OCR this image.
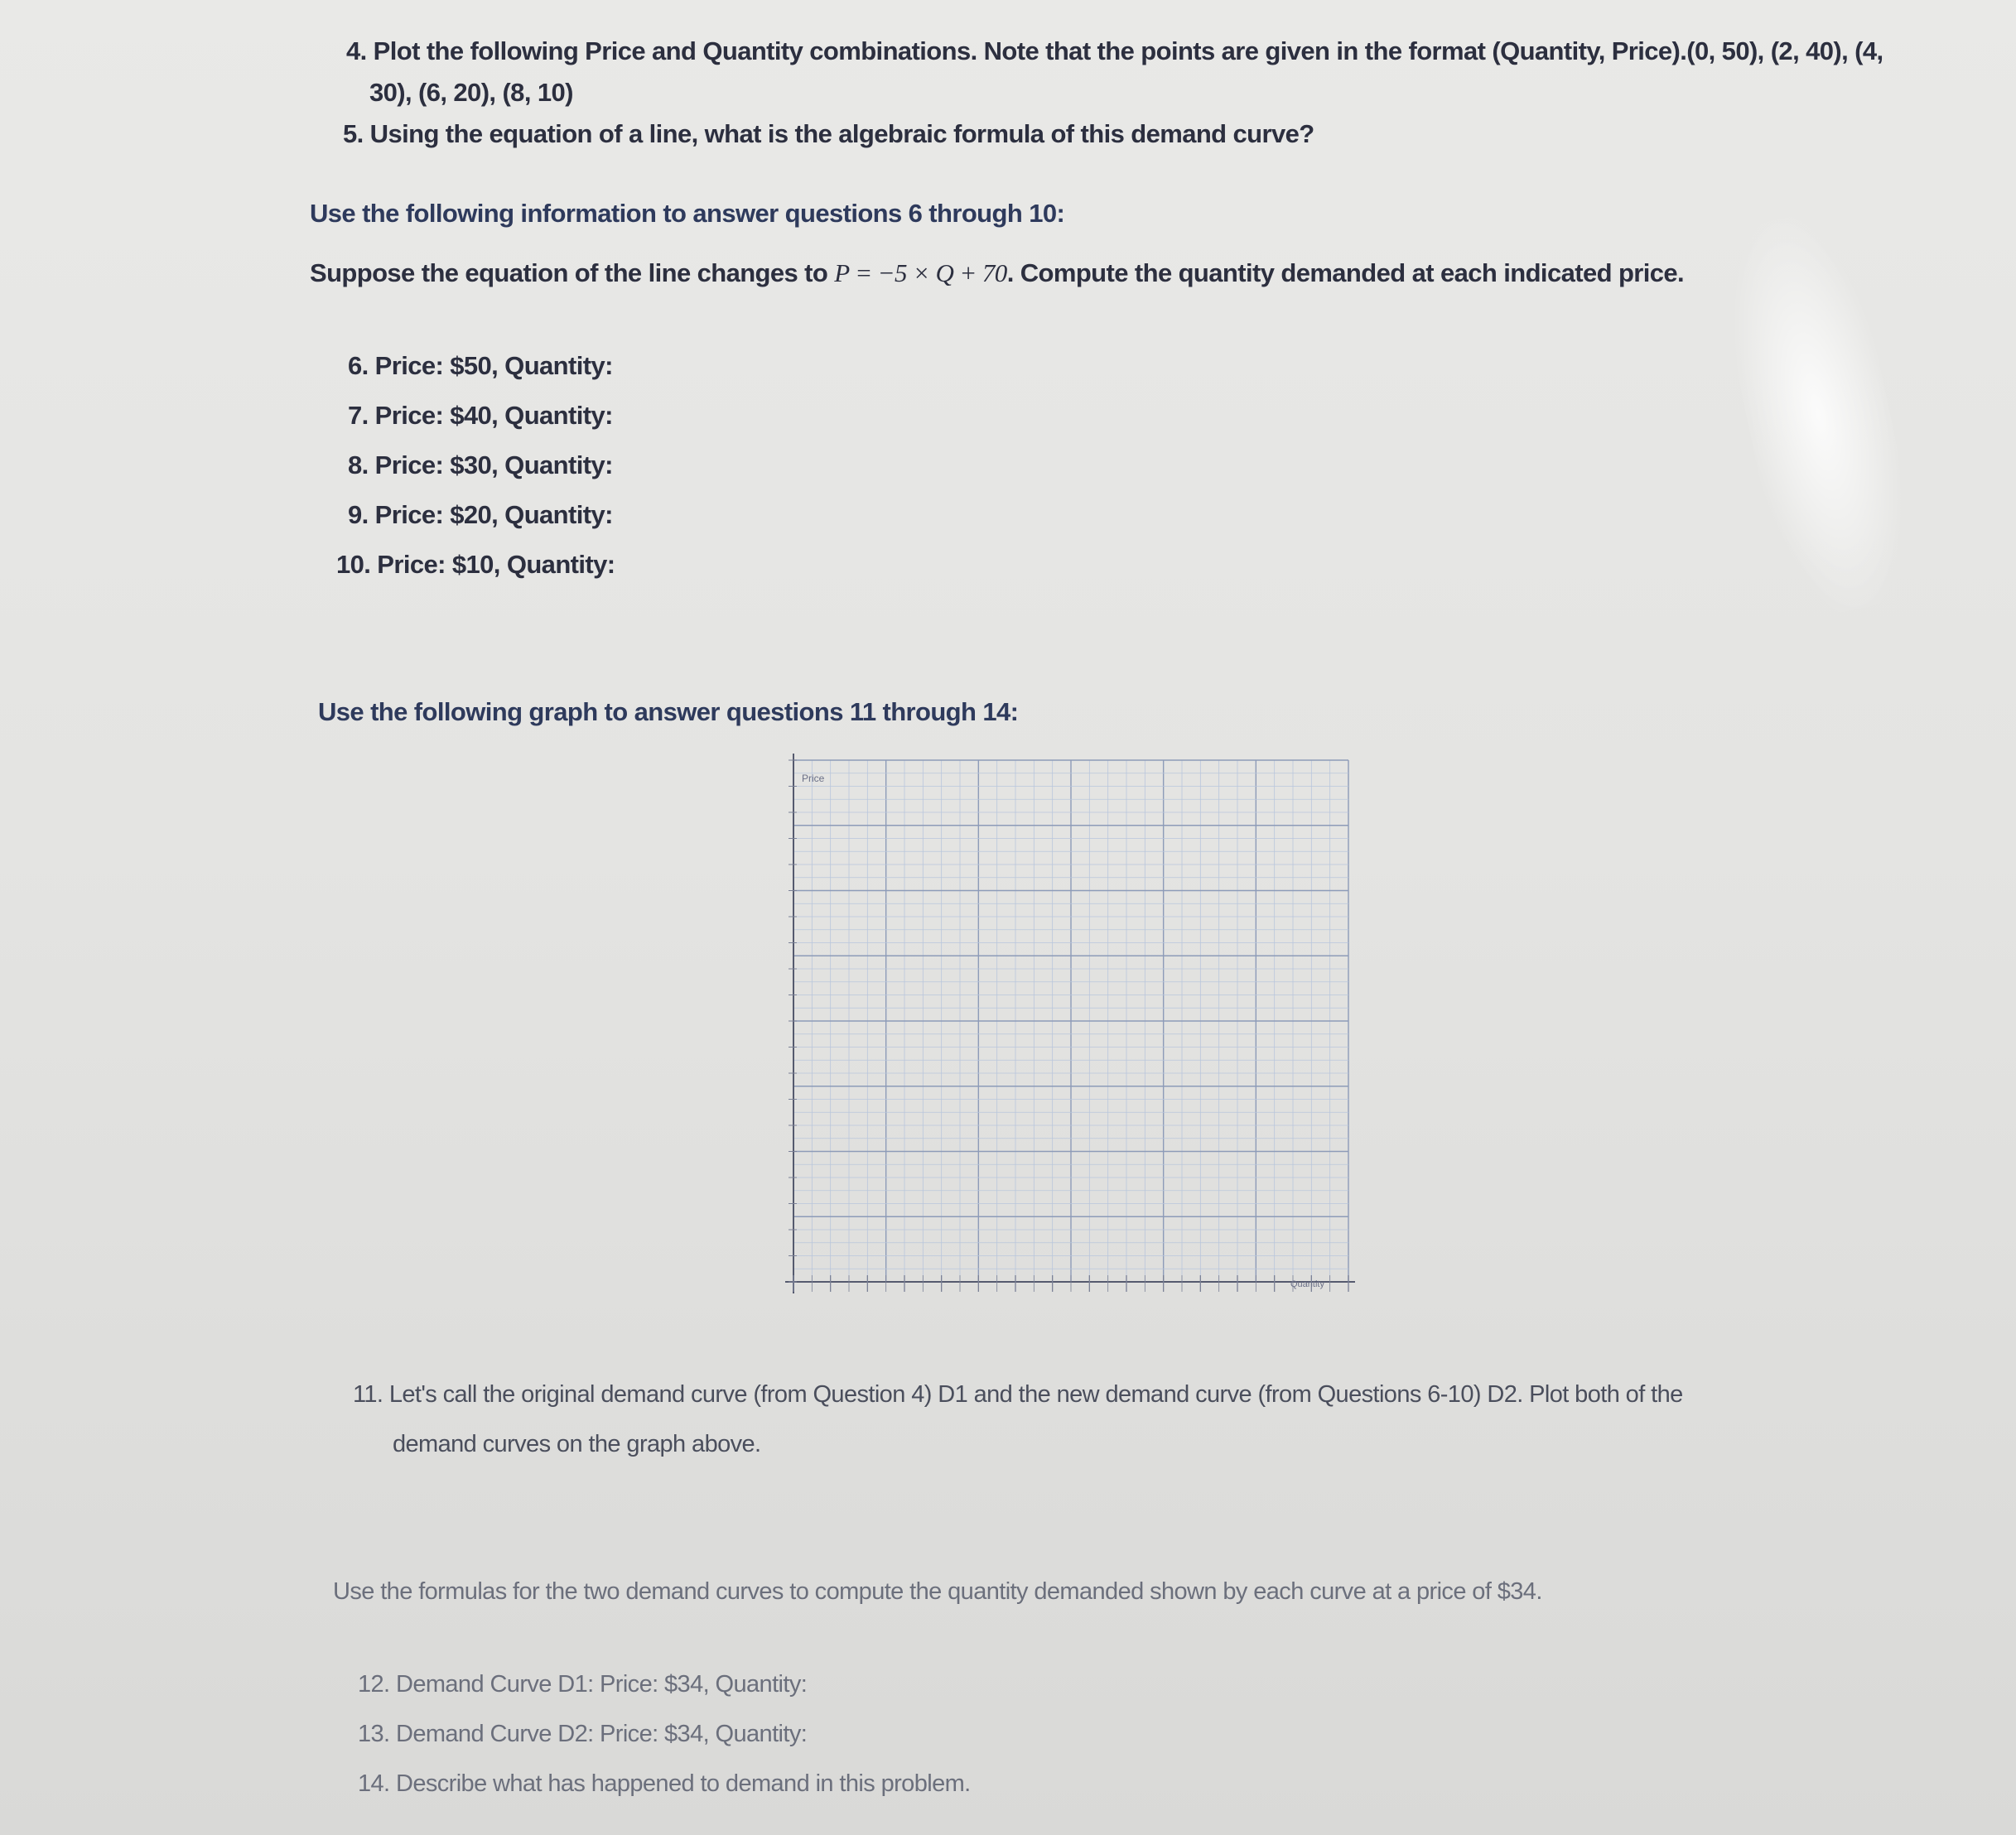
4. Plot the following Price and Quantity combinations. Note that the points are given in the format (Quantity, Price).(0, 50), (2, 40), (4,
30), (6, 20), (8, 10)
5. Using the equation of a line, what is the algebraic formula of this demand curve?
Use the following information to answer questions 6 through 10:
Suppose the equation of the line changes to P = −5 × Q + 70. Compute the quantity demanded at each indicated price.
6. Price: $50, Quantity:
7. Price: $40, Quantity:
8. Price: $30, Quantity:
9. Price: $20, Quantity:
10. Price: $10, Quantity:
Use the following graph to answer questions 11 through 14:
Price
Quantity
11. Let's call the original demand curve (from Question 4) D1 and the new demand curve (from Questions 6-10) D2. Plot both of the
demand curves on the graph above.
Use the formulas for the two demand curves to compute the quantity demanded shown by each curve at a price of $34.
12. Demand Curve D1: Price: $34, Quantity:
13. Demand Curve D2: Price: $34, Quantity:
14. Describe what has happened to demand in this problem.
